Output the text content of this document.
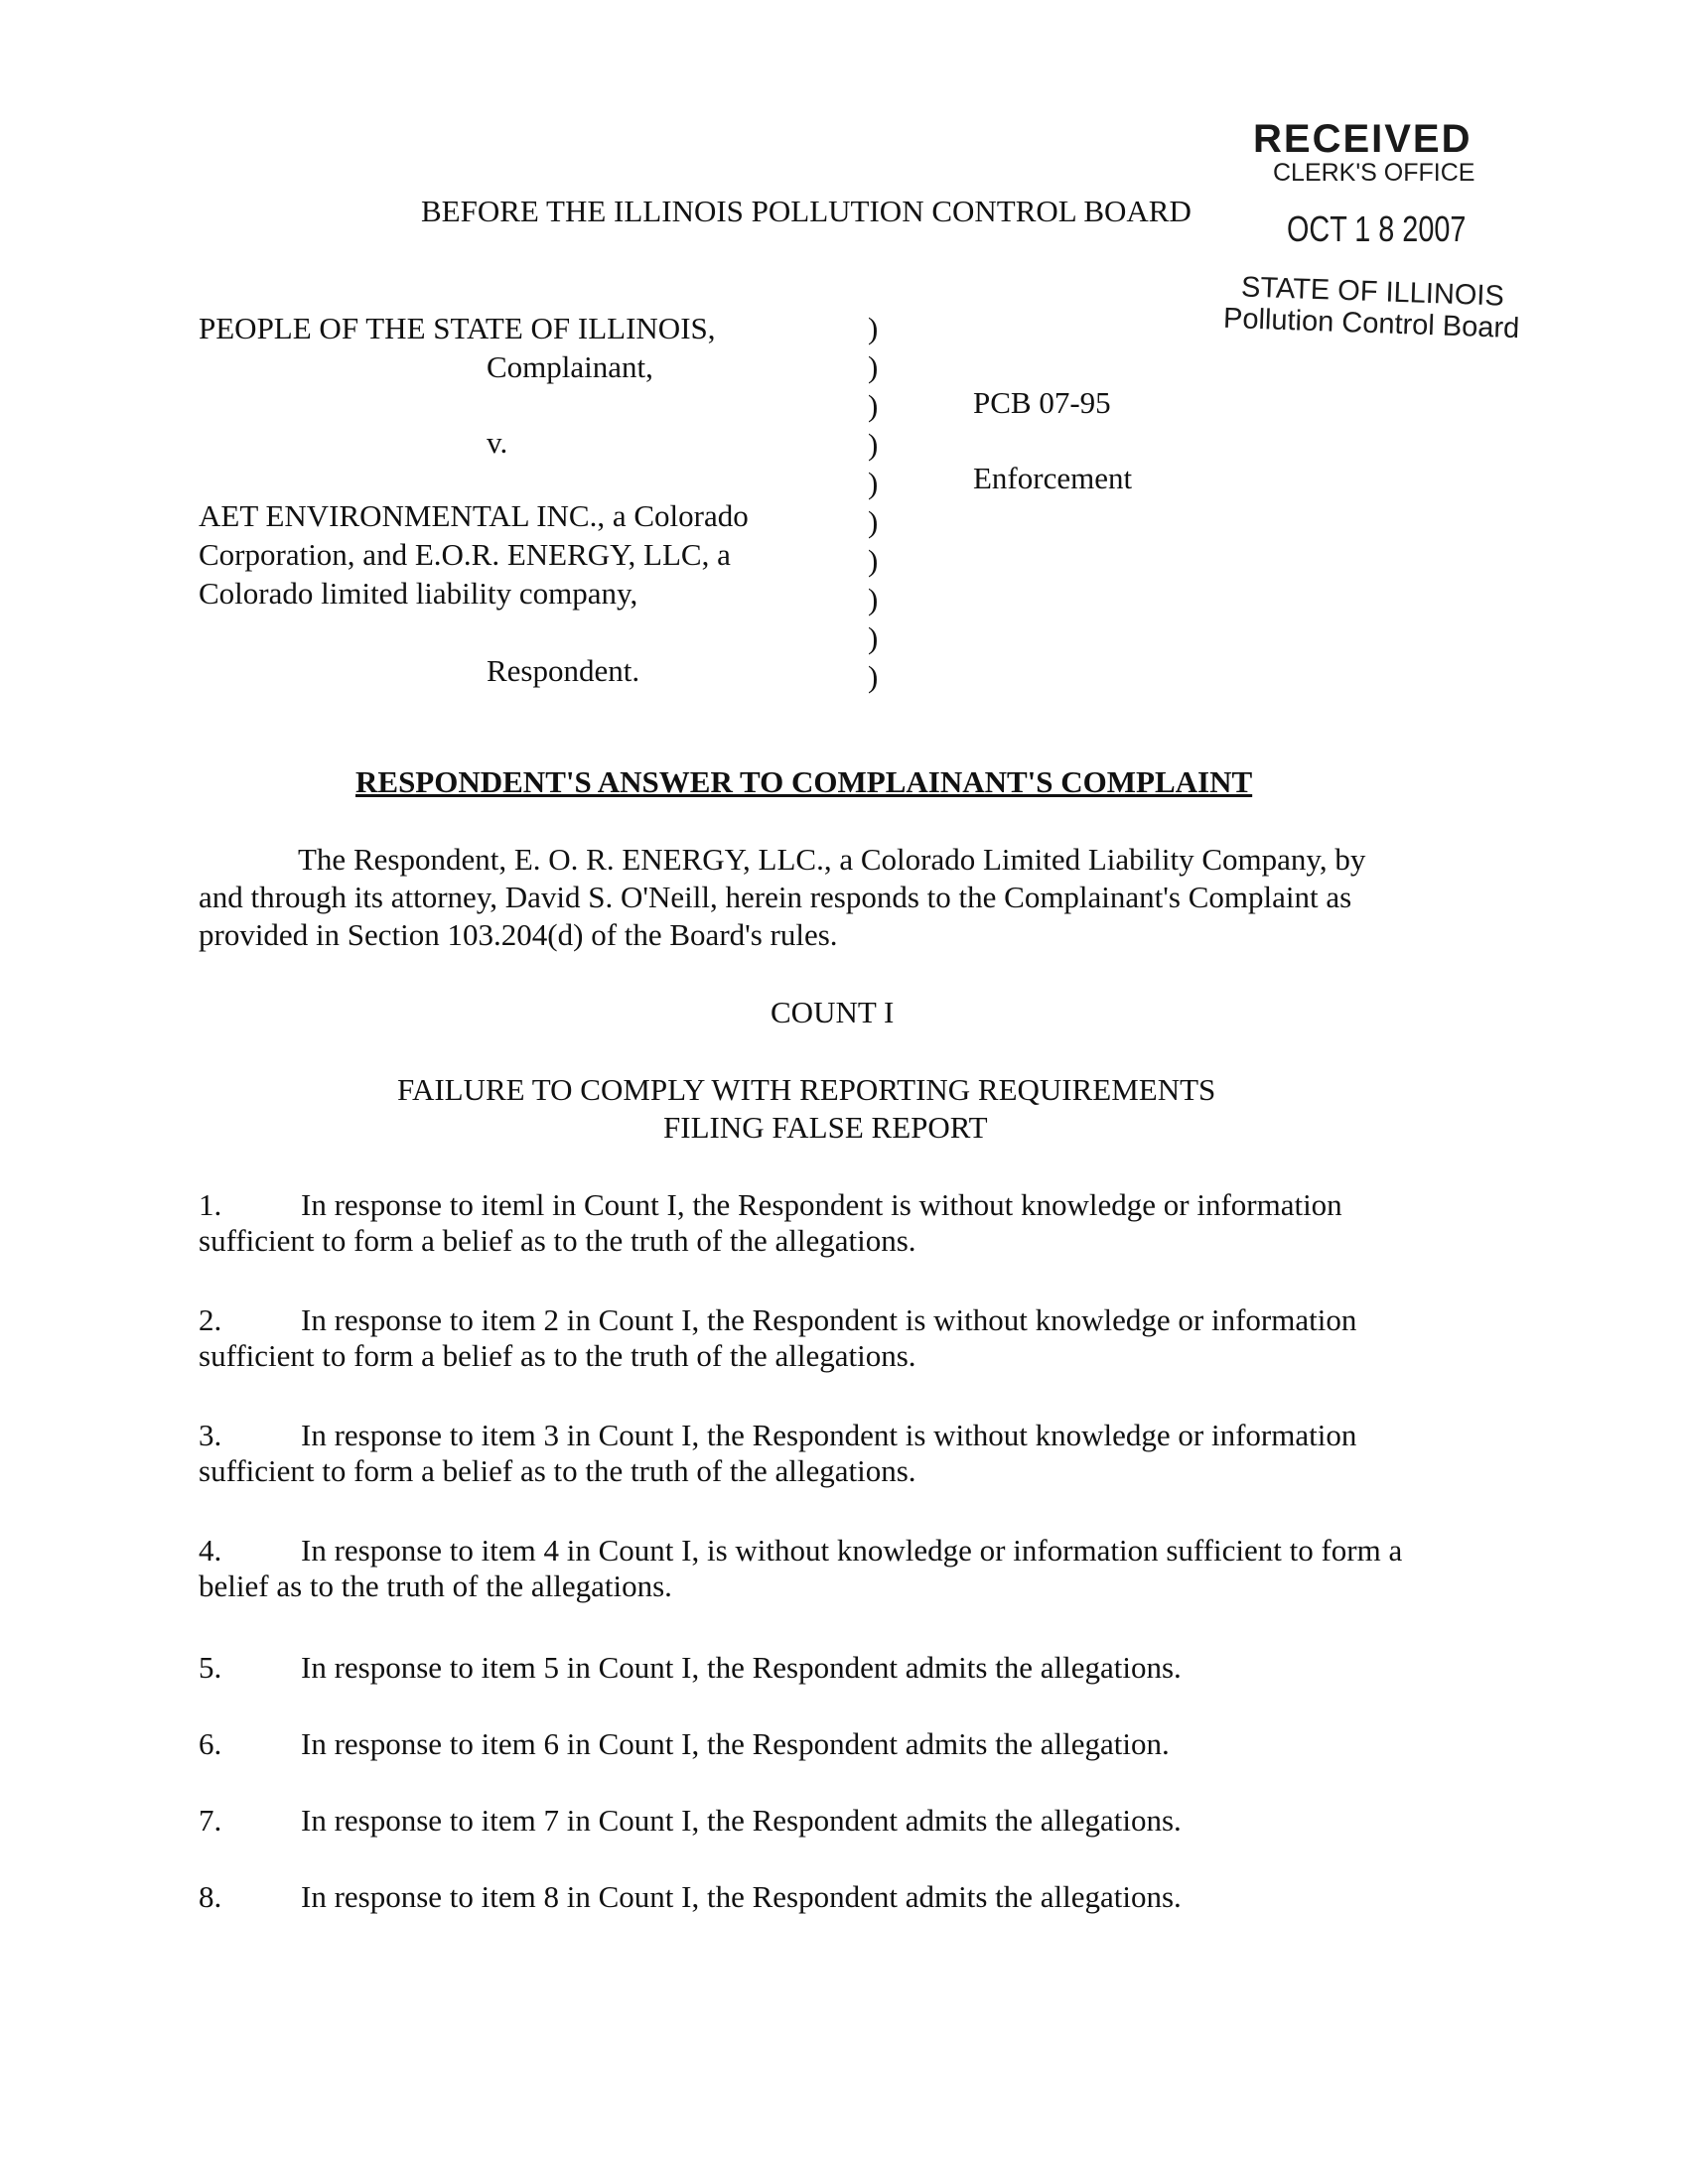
RECEIVED
CLERK'S OFFICE
OCT 1 8 2007
STATE OF ILLINOIS
Pollution Control Board
BEFORE THE ILLINOIS POLLUTION CONTROL BOARD
PEOPLE OF THE STATE OF ILLINOIS,
Complainant,
v.
AET ENVIRONMENTAL INC., a Colorado
Corporation, and E.O.R. ENERGY, LLC, a
Colorado limited liability company,
Respondent.
)
)
)
)
)
)
)
)
)
)
PCB 07-95
Enforcement
RESPONDENT'S ANSWER TO COMPLAINANT'S COMPLAINT
The Respondent, E. O. R. ENERGY, LLC., a Colorado Limited Liability Company, by
and through its attorney, David S. O'Neill, herein responds to the Complainant's Complaint as
provided in Section 103.204(d) of the Board's rules.
COUNT I
FAILURE TO COMPLY WITH REPORTING REQUIREMENTS
FILING FALSE REPORT
1.	In response to iteml in Count I, the Respondent is without knowledge or information
sufficient to form a belief as to the truth of the allegations.
2.	In response to item 2 in Count I, the Respondent is without knowledge or information
sufficient to form a belief as to the truth of the allegations.
3.	In response to item 3 in Count I, the Respondent is without knowledge or information
sufficient to form a belief as to the truth of the allegations.
4.	In response to item 4 in Count I, is without knowledge or information sufficient to form a
belief as to the truth of the allegations.
5.	In response to item 5 in Count I, the Respondent admits the allegations.
6.	In response to item 6 in Count I, the Respondent admits the allegation.
7.	In response to item 7 in Count I, the Respondent admits the allegations.
8.	In response to item 8 in Count I, the Respondent admits the allegations.
